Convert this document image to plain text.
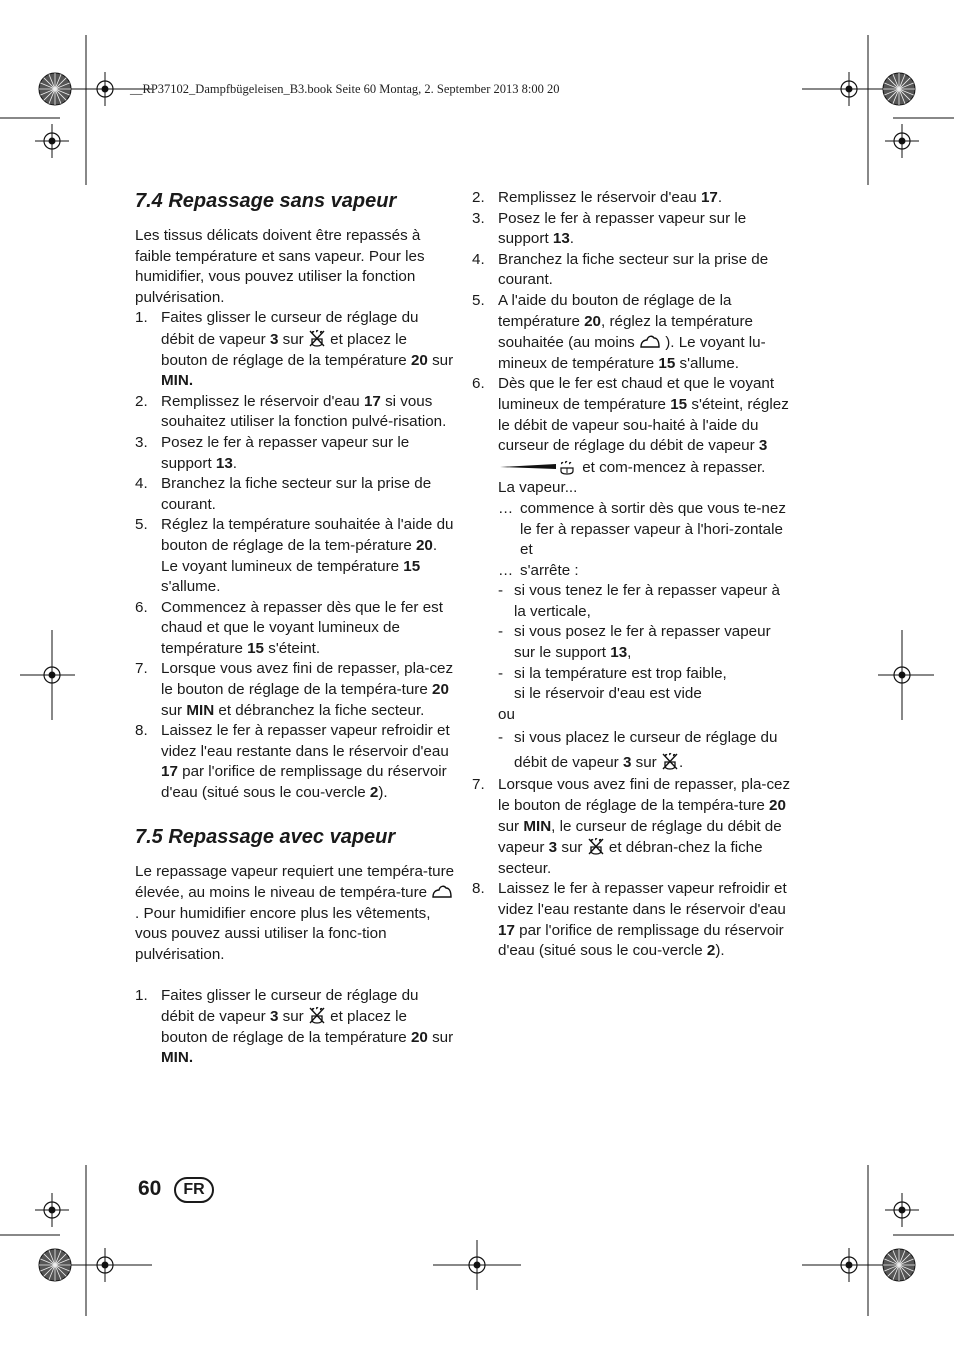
__RP37102_Dampfbügeleisen_B3.book Seite 60 Montag, 2. September 2013 8:00 20
7.4 Repassage sans vapeur

Les tissus délicats doivent être repassés à faible température et sans vapeur. Pour les humidifier, vous pouvez utiliser la fonction pulvérisation.

1. Faites glisser le curseur de réglage du débit de vapeur 3 sur  et placez le bouton de réglage de la température 20 sur MIN.
2. Remplissez le réservoir d'eau 17 si vous souhaitez utiliser la fonction pulvé-risation.
3. Posez le fer à repasser vapeur sur le support 13.
4. Branchez la fiche secteur sur la prise de courant.
5. Réglez la température souhaitée à l'aide du bouton de réglage de la tem-pérature 20. Le voyant lumineux de température 15 s'allume.
6. Commencez à repasser dès que le fer est chaud et que le voyant lumineux de température 15 s'éteint.
7. Lorsque vous avez fini de repasser, pla-cez le bouton de réglage de la tempéra-ture 20 sur MIN et débranchez la fiche secteur.
8. Laissez le fer à repasser vapeur refroidir et videz l'eau restante dans le réservoir d'eau 17 par l'orifice de remplissage du réservoir d'eau (situé sous le cou-vercle 2).
7.5 Repassage avec vapeur

Le repassage vapeur requiert une tempéra-ture élevée, au moins le niveau de tempéra-ture  . Pour humidifier encore plus les vêtements, vous pouvez aussi utiliser la fonc-tion pulvérisation.

1. Faites glisser le curseur de réglage du débit de vapeur 3 sur  et placez le bouton de réglage de la température 20 sur MIN.
2. Remplissez le réservoir d'eau 17.
3. Posez le fer à repasser vapeur sur le support 13.
4. Branchez la fiche secteur sur la prise de courant.
5. A l'aide du bouton de réglage de la température 20, réglez la température souhaitée (au moins  ). Le voyant lu-mineux de température 15 s'allume.
6. Dès que le fer est chaud et que le voyant lumineux de température 15 s'éteint, réglez le débit de vapeur sou-haité à l'aide du curseur de réglage du débit de vapeur 3  et com-mencez à repasser.

La vapeur...

… commence à sortir dès que vous te-nez le fer à repasser vapeur à l'hori-zontale et
… s'arrête :
- si vous tenez le fer à repasser vapeur à la verticale,
- si vous posez le fer à repasser vapeur sur le support 13,
- si la température est trop faible,
si le réservoir d'eau est vide

ou

- si vous placez le curseur de réglage du débit de vapeur 3 sur .
7. Lorsque vous avez fini de repasser, pla-cez le bouton de réglage de la tempéra-ture 20 sur MIN, le curseur de réglage du débit de vapeur 3 sur  et débran-chez la fiche secteur.
8. Laissez le fer à repasser vapeur refroidir et videz l'eau restante dans le réservoir d'eau 17 par l'orifice de remplissage du réservoir d'eau (situé sous le cou-vercle 2).
60	FR
